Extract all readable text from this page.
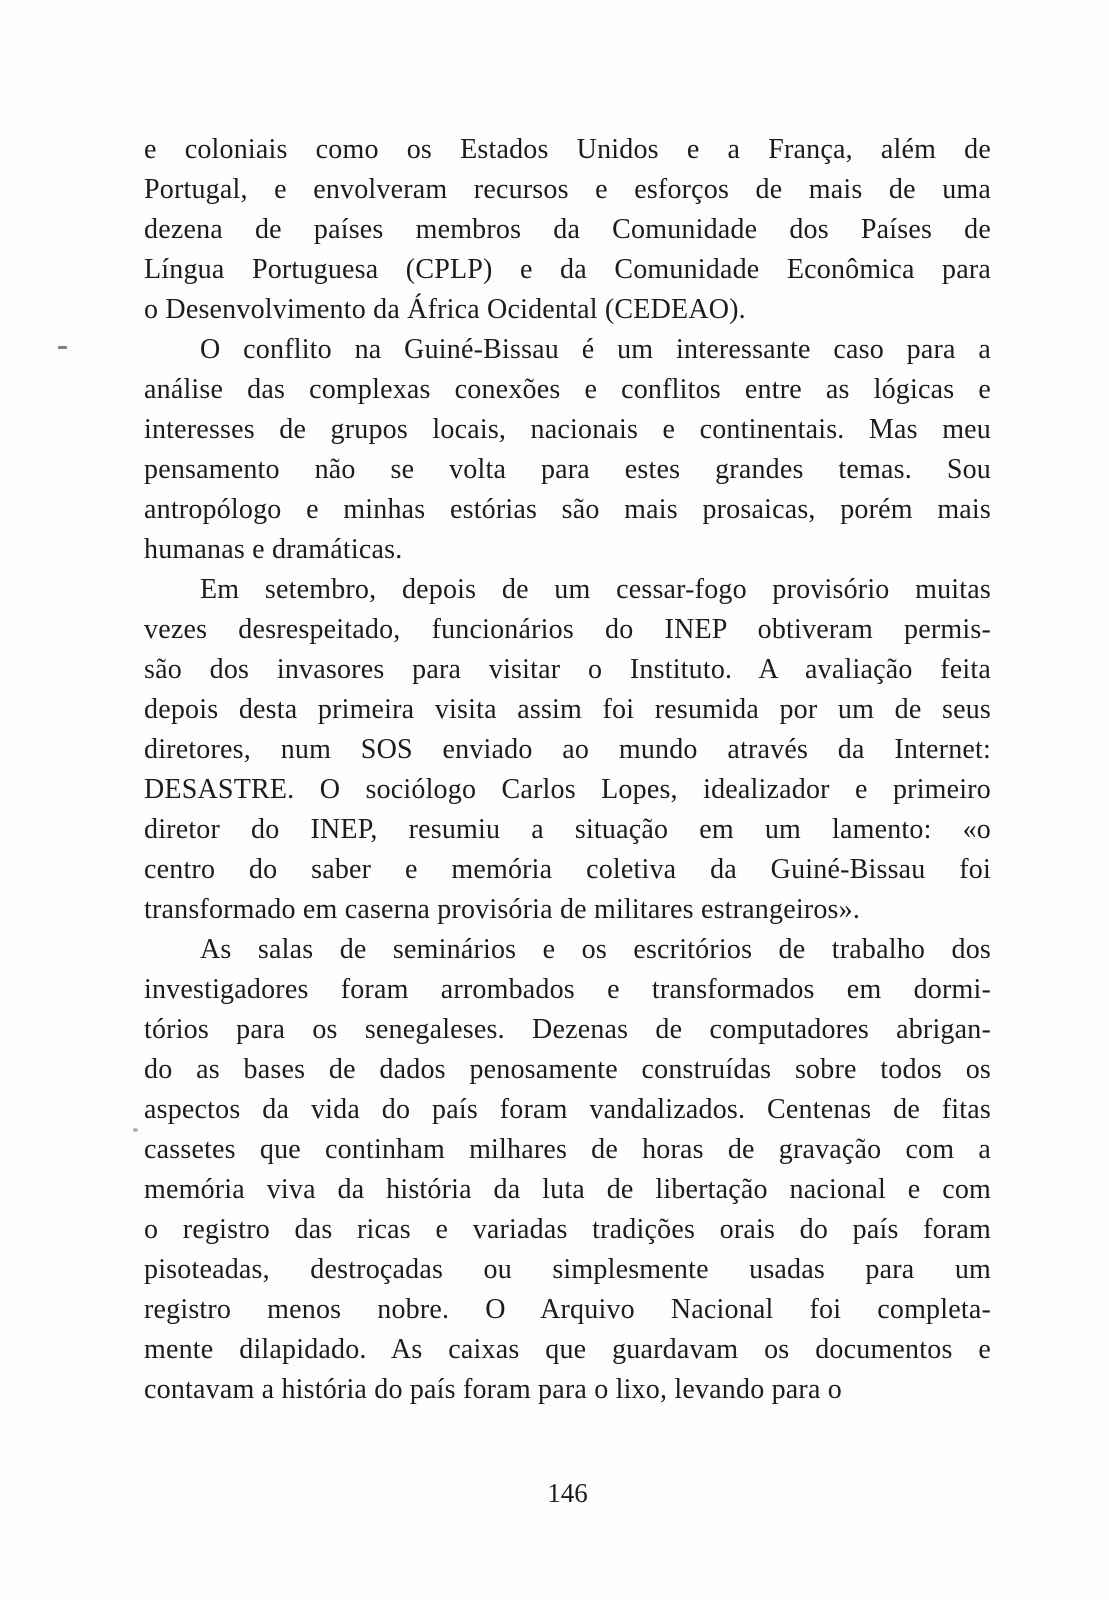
e coloniais como os Estados Unidos e a França, além de
Portugal, e envolveram recursos e esforços de mais de uma
dezena de países membros da Comunidade dos Países de
Língua Portuguesa (CPLP) e da Comunidade Econômica para
o Desenvolvimento da África Ocidental (CEDEAO).
O conflito na Guiné-Bissau é um interessante caso para a
análise das complexas conexões e conflitos entre as lógicas e
interesses de grupos locais, nacionais e continentais. Mas meu
pensamento não se volta para estes grandes temas. Sou
antropólogo e minhas estórias são mais prosaicas, porém mais
humanas e dramáticas.
Em setembro, depois de um cessar-fogo provisório muitas
vezes desrespeitado, funcionários do INEP obtiveram permis-
são dos invasores para visitar o Instituto. A avaliação feita
depois desta primeira visita assim foi resumida por um de seus
diretores, num SOS enviado ao mundo através da Internet:
DESASTRE. O sociólogo Carlos Lopes, idealizador e primeiro
diretor do INEP, resumiu a situação em um lamento: «o
centro do saber e memória coletiva da Guiné-Bissau foi
transformado em caserna provisória de militares estrangeiros».
As salas de seminários e os escritórios de trabalho dos
investigadores foram arrombados e transformados em dormi-
tórios para os senegaleses. Dezenas de computadores abrigan-
do as bases de dados penosamente construídas sobre todos os
aspectos da vida do país foram vandalizados. Centenas de fitas
cassetes que continham milhares de horas de gravação com a
memória viva da história da luta de libertação nacional e com
o registro das ricas e variadas tradições orais do país foram
pisoteadas, destroçadas ou simplesmente usadas para um
registro menos nobre. O Arquivo Nacional foi completa-
mente dilapidado. As caixas que guardavam os documentos e
contavam a história do país foram para o lixo, levando para o
146
